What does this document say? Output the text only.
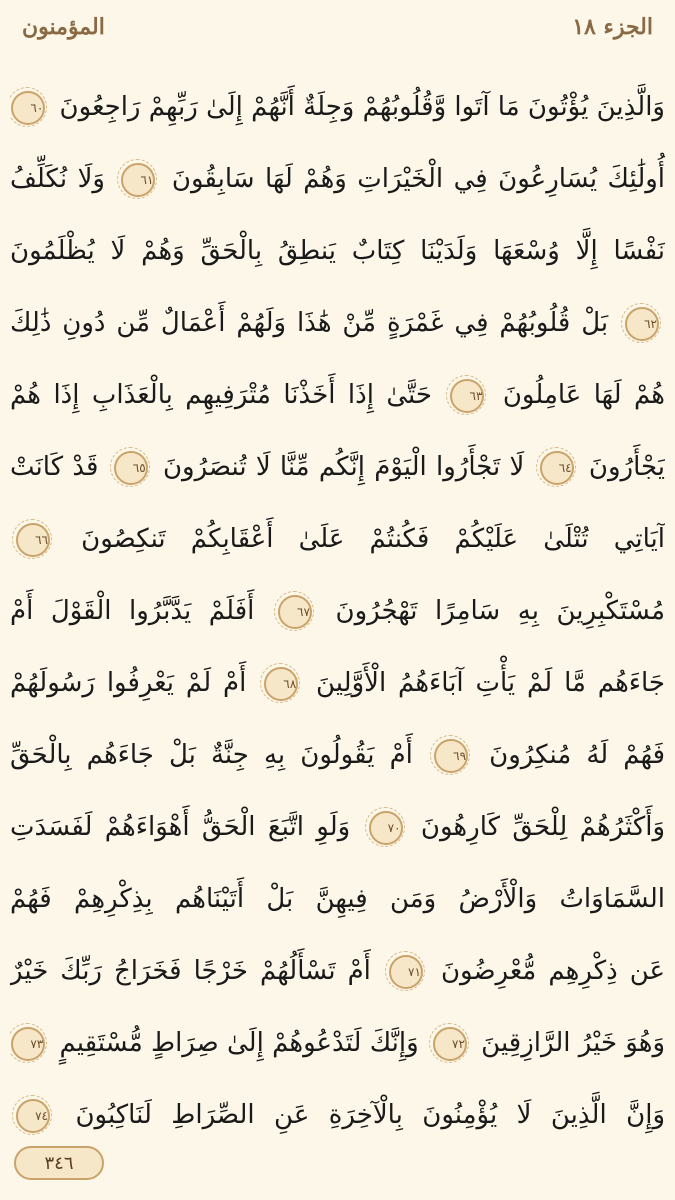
المؤمنون	الجزء ١٨
وَالَّذِينَ يُؤْتُونَ مَا آتَوا وَّقُلُوبُهُمْ وَجِلَةٌ أَنَّهُمْ إِلَىٰ رَبِّهِمْ رَاجِعُونَ ٦٠
أُولَٰئِكَ يُسَارِعُونَ فِي الْخَيْرَاتِ وَهُمْ لَهَا سَابِقُونَ ٦١ وَلَا نُكَلِّفُ
نَفْسًا إِلَّا وُسْعَهَا وَلَدَيْنَا كِتَابٌ يَنطِقُ بِالْحَقِّ وَهُمْ لَا يُظْلَمُونَ
٦٢ بَلْ قُلُوبُهُمْ فِي غَمْرَةٍ مِّنْ هَٰذَا وَلَهُمْ أَعْمَالٌ مِّن دُونِ ذَٰلِكَ
هُمْ لَهَا عَامِلُونَ ٦٣ حَتَّىٰ إِذَا أَخَذْنَا مُتْرَفِيهِم بِالْعَذَابِ إِذَا هُمْ
يَجْأَرُونَ ٦٤ لَا تَجْأَرُوا الْيَوْمَ إِنَّكُم مِّنَّا لَا تُنصَرُونَ ٦٥ قَدْ كَانَتْ
آيَاتِي تُتْلَىٰ عَلَيْكُمْ فَكُنتُمْ عَلَىٰ أَعْقَابِكُمْ تَنكِصُونَ ٦٦
مُسْتَكْبِرِينَ بِهِ سَامِرًا تَهْجُرُونَ ٦٧ أَفَلَمْ يَدَّبَّرُوا الْقَوْلَ أَمْ
جَاءَهُم مَّا لَمْ يَأْتِ آبَاءَهُمُ الْأَوَّلِينَ ٦٨ أَمْ لَمْ يَعْرِفُوا رَسُولَهُمْ
فَهُمْ لَهُ مُنكِرُونَ ٦٩ أَمْ يَقُولُونَ بِهِ جِنَّةٌ بَلْ جَاءَهُم بِالْحَقِّ
وَأَكْثَرُهُمْ لِلْحَقِّ كَارِهُونَ ٧٠ وَلَوِ اتَّبَعَ الْحَقُّ أَهْوَاءَهُمْ لَفَسَدَتِ
السَّمَاوَاتُ وَالْأَرْضُ وَمَن فِيهِنَّ بَلْ أَتَيْنَاهُم بِذِكْرِهِمْ فَهُمْ
عَن ذِكْرِهِم مُّعْرِضُونَ ٧١ أَمْ تَسْأَلُهُمْ خَرْجًا فَخَرَاجُ رَبِّكَ خَيْرٌ
وَهُوَ خَيْرُ الرَّازِقِينَ ٧٢ وَإِنَّكَ لَتَدْعُوهُمْ إِلَىٰ صِرَاطٍ مُّسْتَقِيمٍ ٧٣
وَإِنَّ الَّذِينَ لَا يُؤْمِنُونَ بِالْآخِرَةِ عَنِ الصِّرَاطِ لَنَاكِبُونَ ٧٤
٣٤٦
